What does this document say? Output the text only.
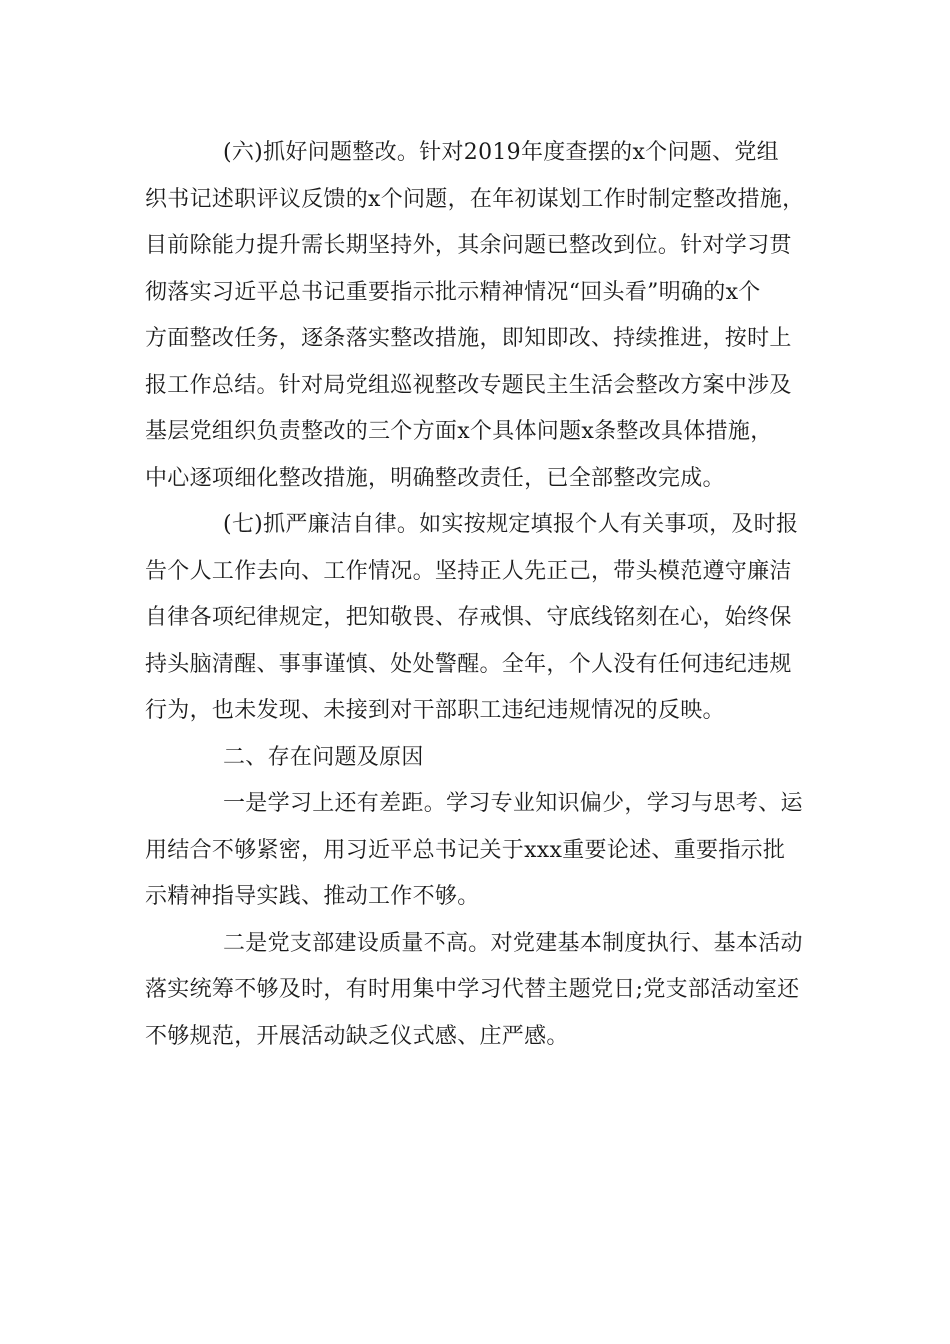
(六)抓好问题整改。针对2019年度查摆的x个问题、党组
织书记述职评议反馈的x个问题，在年初谋划工作时制定整改措施，
目前除能力提升需长期坚持外，其余问题已整改到位。针对学习贯
彻落实习近平总书记重要指示批示精神情况“回头看”明确的x个
方面整改任务，逐条落实整改措施，即知即改、持续推进，按时上
报工作总结。针对局党组巡视整改专题民主生活会整改方案中涉及
基层党组织负责整改的三个方面x个具体问题x条整改具体措施，
中心逐项细化整改措施，明确整改责任，已全部整改完成。
(七)抓严廉洁自律。如实按规定填报个人有关事项，及时报
告个人工作去向、工作情况。坚持正人先正己，带头模范遵守廉洁
自律各项纪律规定，把知敬畏、存戒惧、守底线铭刻在心，始终保
持头脑清醒、事事谨慎、处处警醒。全年，个人没有任何违纪违规
行为，也未发现、未接到对干部职工违纪违规情况的反映。
二、存在问题及原因
一是学习上还有差距。学习专业知识偏少，学习与思考、运
用结合不够紧密，用习近平总书记关于xxx重要论述、重要指示批
示精神指导实践、推动工作不够。
二是党支部建设质量不高。对党建基本制度执行、基本活动
落实统筹不够及时，有时用集中学习代替主题党日;党支部活动室还
不够规范，开展活动缺乏仪式感、庄严感。
